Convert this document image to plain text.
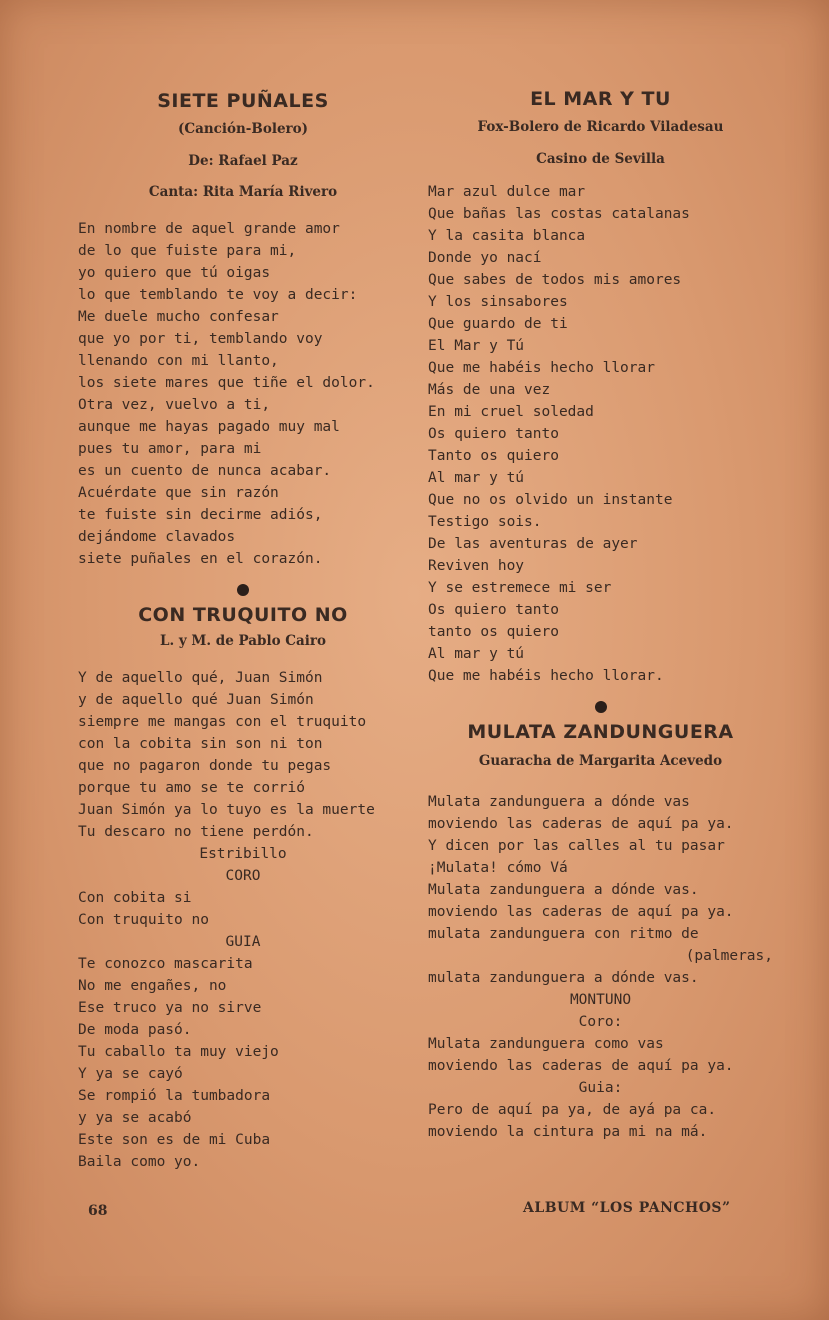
SIETE PUÑALES

(Canción-Bolero)

De: Rafael Paz

Canta: Rita María Rivero

En nombre de aquel grande amor
de lo que fuiste para mi,
yo quiero que tú oigas
lo que temblando te voy a decir:
Me duele mucho confesar
que yo por ti, temblando voy
llenando con mi llanto,
los siete mares que tiñe el dolor.
Otra vez, vuelvo a ti,
aunque me hayas pagado muy mal
pues tu amor, para mi
es un cuento de nunca acabar.
Acuérdate que sin razón
te fuiste sin decirme adiós,
dejándome clavados
siete puñales en el corazón.
CON TRUQUITO NO

L. y M. de Pablo Cairo

Y de aquello qué, Juan Simón
y de aquello qué Juan Simón
siempre me mangas con el truquito
con la cobita sin son ni ton
que no pagaron donde tu pegas
porque tu amo se te corrió
Juan Simón ya lo tuyo es la muerte
Tu descaro no tiene perdón.
Estribillo
CORO
Con cobita si
Con truquito no
GUIA
Te conozco mascarita
No me engañes, no
Ese truco ya no sirve
De moda pasó.
Tu caballo ta muy viejo
Y ya se cayó
Se rompió la tumbadora
y ya se acabó
Este son es de mi Cuba
Baila como yo.
EL MAR Y TU

Fox-Bolero de Ricardo Viladesau

Casino de Sevilla

Mar azul dulce mar
Que bañas las costas catalanas
Y la casita blanca
Donde yo nací
Que sabes de todos mis amores
Y los sinsabores
Que guardo de ti
El Mar y Tú
Que me habéis hecho llorar
Más de una vez
En mi cruel soledad
Os quiero tanto
Tanto os quiero
Al mar y tú
Que no os olvido un instante
Testigo sois.
De las aventuras de ayer
Reviven hoy
Y se estremece mi ser
Os quiero tanto
tanto os quiero
Al mar y tú
Que me habéis hecho llorar.
MULATA ZANDUNGUERA

Guaracha de Margarita Acevedo

Mulata zandunguera a dónde vas
moviendo las caderas de aquí pa ya.
Y dicen por las calles al tu pasar
¡Mulata! cómo Vá
Mulata zandunguera a dónde vas.
moviendo las caderas de aquí pa ya.
mulata zandunguera con ritmo de
(palmeras,
mulata zandunguera a dónde vas.
MONTUNO
Coro:
Mulata zandunguera como vas
moviendo las caderas de aquí pa ya.
Guia:
Pero de aquí pa ya, de ayá pa ca.
moviendo la cintura pa mi na má.
68	ALBUM “LOS PANCHOS”
